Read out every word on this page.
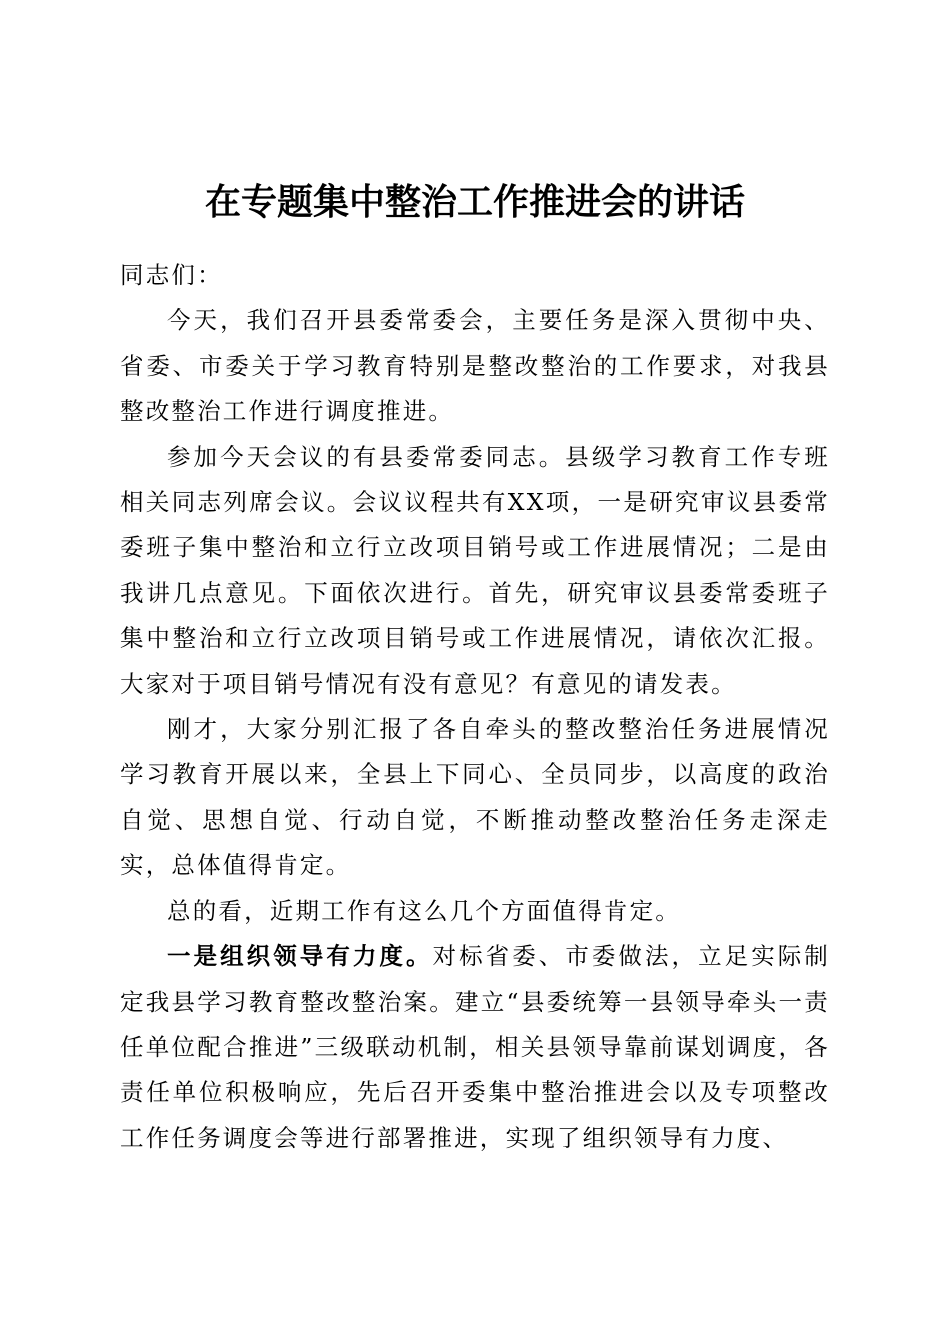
在专题集中整治工作推进会的讲话

同志们：

今天，我们召开县委常委会，主要任务是深入贯彻中央、省委、市委关于学习教育特别是整改整治的工作要求，对我县整改整治工作进行调度推进。

参加今天会议的有县委常委同志。县级学习教育工作专班相关同志列席会议。会议议程共有XX项，一是研究审议县委常委班子集中整治和立行立改项目销号或工作进展情况；二是由我讲几点意见。下面依次进行。首先，研究审议县委常委班子集中整治和立行立改项目销号或工作进展情况，请依次汇报。大家对于项目销号情况有没有意见？有意见的请发表。

刚才，大家分别汇报了各自牵头的整改整治任务进展情况学习教育开展以来，全县上下同心、全员同步，以高度的政治自觉、思想自觉、行动自觉，不断推动整改整治任务走深走实，总体值得肯定。

总的看，近期工作有这么几个方面值得肯定。

一是组织领导有力度。对标省委、市委做法，立足实际制定我县学习教育整改整治案。建立“县委统筹一县领导牵头一责任单位配合推进”三级联动机制，相关县领导靠前谋划调度，各责任单位积极响应，先后召开委集中整治推进会以及专项整改工作任务调度会等进行部署推进，实现了组织领导有力度、
